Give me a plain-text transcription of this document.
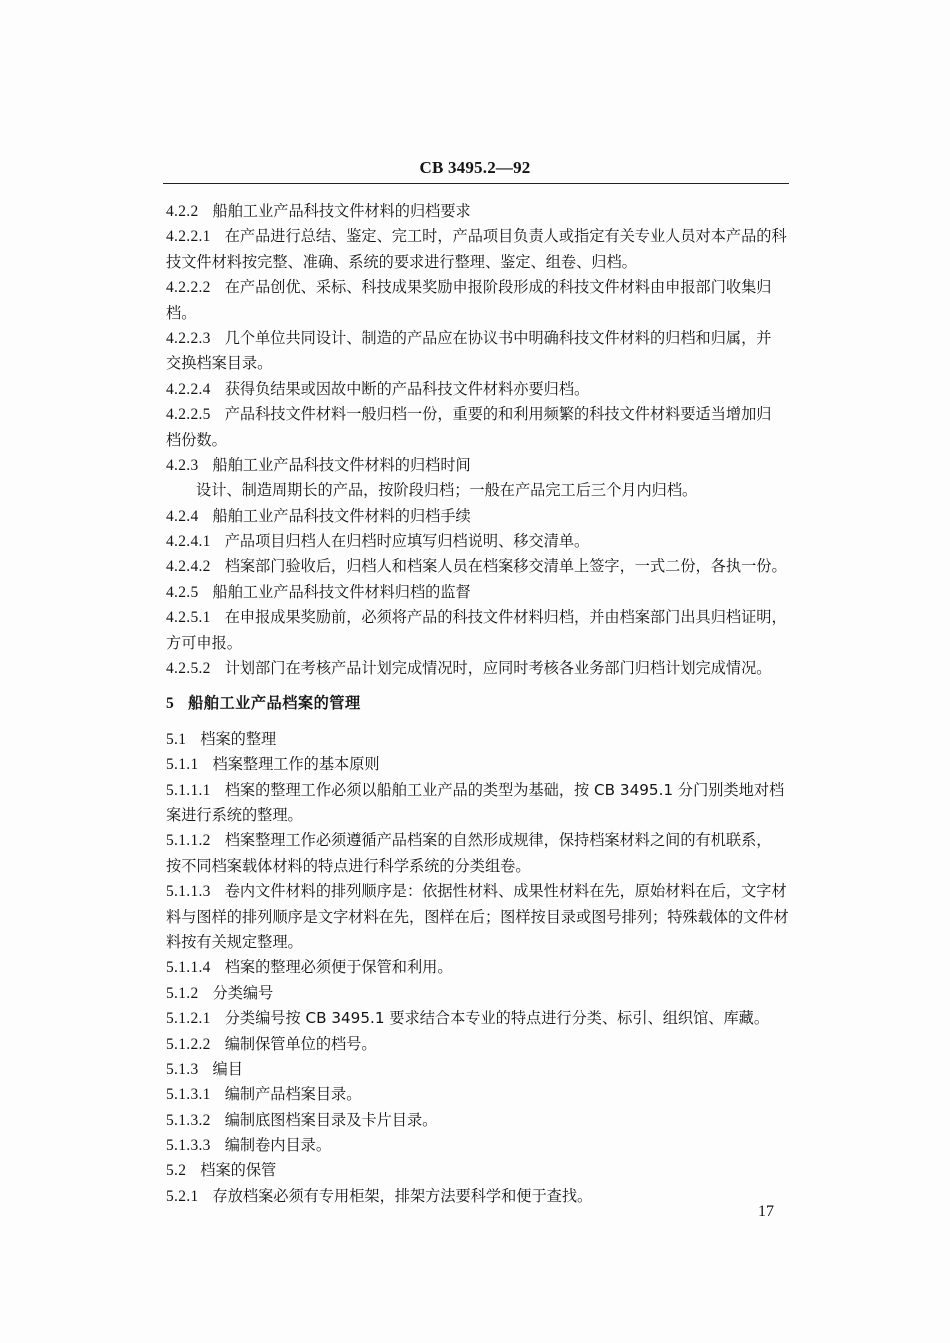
CB 3495.2—92
4.2.2 船舶工业产品科技文件材料的归档要求
4.2.2.1 在产品进行总结、鉴定、完工时，产品项目负责人或指定有关专业人员对本产品的科
技文件材料按完整、准确、系统的要求进行整理、鉴定、组卷、归档。
4.2.2.2 在产品创优、采标、科技成果奖励申报阶段形成的科技文件材料由申报部门收集归
档。
4.2.2.3 几个单位共同设计、制造的产品应在协议书中明确科技文件材料的归档和归属，并
交换档案目录。
4.2.2.4 获得负结果或因故中断的产品科技文件材料亦要归档。
4.2.2.5 产品科技文件材料一般归档一份，重要的和利用频繁的科技文件材料要适当增加归
档份数。
4.2.3 船舶工业产品科技文件材料的归档时间
设计、制造周期长的产品，按阶段归档；一般在产品完工后三个月内归档。
4.2.4 船舶工业产品科技文件材料的归档手续
4.2.4.1 产品项目归档人在归档时应填写归档说明、移交清单。
4.2.4.2 档案部门验收后，归档人和档案人员在档案移交清单上签字，一式二份，各执一份。
4.2.5 船舶工业产品科技文件材料归档的监督
4.2.5.1 在申报成果奖励前，必须将产品的科技文件材料归档，并由档案部门出具归档证明，
方可申报。
4.2.5.2 计划部门在考核产品计划完成情况时，应同时考核各业务部门归档计划完成情况。
5 船舶工业产品档案的管理
5.1 档案的整理
5.1.1 档案整理工作的基本原则
5.1.1.1 档案的整理工作必须以船舶工业产品的类型为基础，按 CB 3495.1 分门别类地对档
案进行系统的整理。
5.1.1.2 档案整理工作必须遵循产品档案的自然形成规律，保持档案材料之间的有机联系，
按不同档案载体材料的特点进行科学系统的分类组卷。
5.1.1.3 卷内文件材料的排列顺序是：依据性材料、成果性材料在先，原始材料在后，文字材
料与图样的排列顺序是文字材料在先，图样在后；图样按目录或图号排列；特殊载体的文件材
料按有关规定整理。
5.1.1.4 档案的整理必须便于保管和利用。
5.1.2 分类编号
5.1.2.1 分类编号按 CB 3495.1 要求结合本专业的特点进行分类、标引、组织馆、库藏。
5.1.2.2 编制保管单位的档号。
5.1.3 编目
5.1.3.1 编制产品档案目录。
5.1.3.2 编制底图档案目录及卡片目录。
5.1.3.3 编制卷内目录。
5.2 档案的保管
5.2.1 存放档案必须有专用柜架，排架方法要科学和便于查找。
17
